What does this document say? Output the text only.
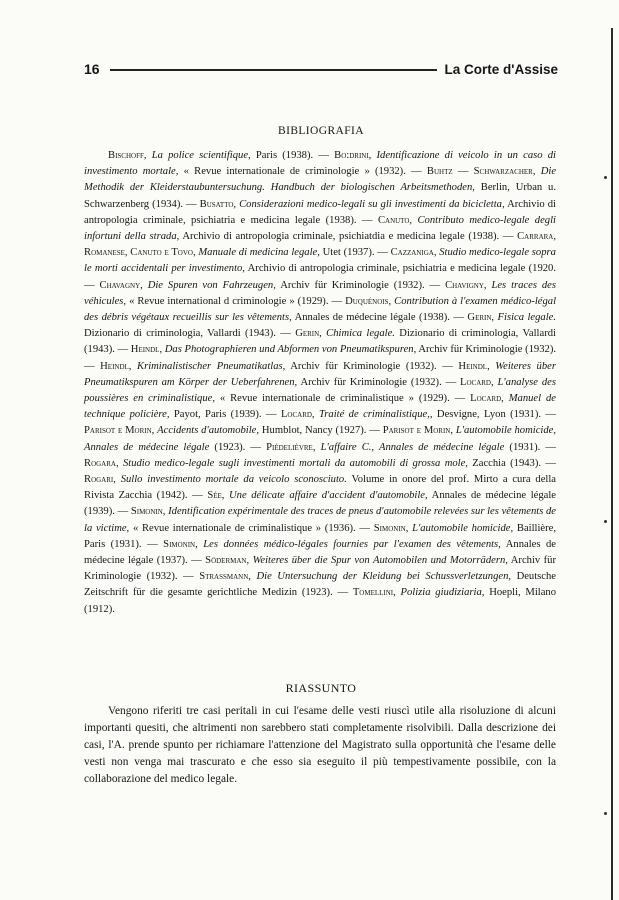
16	La Corte d'Assise
BIBLIOGRAFIA

Bischoff, La police scientifique, Paris (1938). — Bo:drini, Identificazione di veicolo in un caso di investimento mortale, « Revue internationale de criminologie » (1932). — Buhtz — Schwarzacher, Die Methodik der Kleiderstaubuntersuchung. Handbuch der biologischen Arbeitsmethoden, Berlin, Urban u. Schwarzenberg (1934). — Busatto, Considerazioni medico-legali su gli investimenti da bicicletta, Archivio di antropologia criminale, psichiatria e medicina legale (1938). — Canuto, Contributo medico-legale degli infortuni della strada, Archivio di antropologia criminale, psichiatdia e medicina legale (1938). — Carrara, Romanese, Canuto e Tovo, Manuale di medicina legale, Utet (1937). — Cazzaniga, Studio medico-legale sopra le morti accidentali per investimento, Archivio di antropologia criminale, psichiatria e medicina legale (1920. — Chavagny, Die Spuren von Fahrzeugen, Archiv für Kriminologie (1932). — Chavigny, Les traces des véhicules, « Revue international d criminologie » (1929). — Duquénois, Contribution à l'examen médico-légal des débris végétaux recueillis sur les vêtements, Annales de médecine légale (1938). — Gerin, Fisica legale. Dizionario di criminologia, Vallardi (1943). — Gerin, Chimica legale. Dizionario di criminologia, Vallardi (1943). — Heindl, Das Photographieren und Abformen von Pneumatikspuren, Archiv für Kriminologie (1932). — Heindl, Kriminalistischer Pneumatikatlas, Archiv für Kriminologie (1932). — Heindl, Weiteres über Pneumatikspuren am Körper der Ueberfahrenen, Archiv für Kriminologie (1932). — Locard, L'analyse des poussières en criminalistique, « Revue internationale de criminalistique » (1929). — Locard, Manuel de technique policière, Payot, Paris (1939). — Locard, Traité de criminalistique,, Desvigne, Lyon (1931). — Parisot e Morin, Accidents d'automobile, Humblot, Nancy (1927). — Parisot e Morin, L'automobile homicide, Annales de médecine légale (1923). — Piédelièvre, L'affaire C., Annales de médecine légale (1931). — Rogara, Studio medico-legale sugli investimenti mortali da automobili di grossa mole, Zacchia (1943). — Rogari, Sullo investimento mortale da veicolo sconosciuto. Volume in onore del prof. Mirto a cura della Rivista Zacchia (1942). — Sée, Une délicate affaire d'accident d'automobile, Annales de médecine légale (1939). — Simonin, Identification expérimentale des traces de pneus d'automobile relevées sur les vêtements de la victime, « Revue internationale de criminalistique » (1936). — Simonin, L'automobile homicide, Baillière, Paris (1931). — Simonin, Les données médico-légales fournies par l'examen des vêtements, Annales de médecine légale (1937). — Söderman, Weiteres über die Spur von Automobilen und Motorrädern, Archiv für Kriminologie (1932). — Strassmann, Die Untersuchung der Kleidung bei Schussverletzungen, Deutsche Zeitschrift für die gesamte gerichtliche Medizin (1923). — Tomellini, Polizia giudiziaria, Hoepli, Milano (1912).

RIASSUNTO

Vengono riferiti tre casi peritali in cui l'esame delle vesti riuscì utile alla risoluzione di alcuni importanti quesiti, che altrimenti non sarebbero stati completamente risolvibili. Dalla descrizione dei casi, l'A. prende spunto per richiamare l'attenzione del Magistrato sulla opportunità che l'esame delle vesti non venga mai trascurato e che esso sia eseguito il più tempestivamente possibile, con la collaborazione del medico legale.
